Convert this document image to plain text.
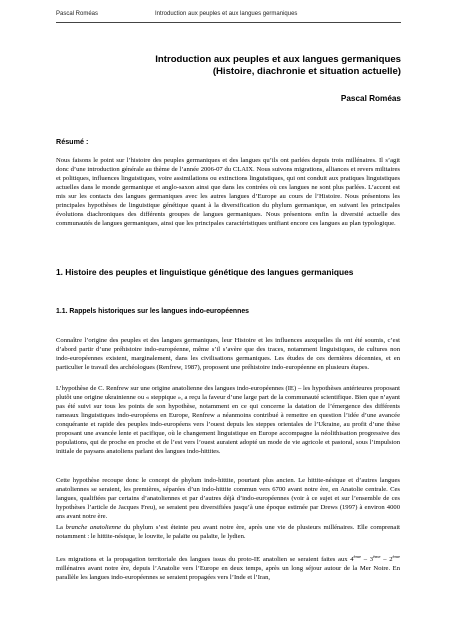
Pascal Roméas	Introduction aux peuples et aux langues germaniques
Introduction aux peuples et aux langues germaniques
(Histoire, diachronie et situation actuelle)
Pascal Roméas
Résumé :
Nous faisons le point sur l’histoire des peuples germaniques et des langues qu’ils ont parlées depuis trois millénaires. Il s’agit donc d’une introduction générale au thème de l’année 2006-07 du CLAIX. Nous suivons migrations, alliances et revers militaires et politiques, influences linguistiques, voire assimilations ou extinctions linguistiques, qui ont conduit aux pratiques linguistiques actuelles dans le monde germanique et anglo-saxon ainsi que dans les contrées où ces langues ne sont plus parlées. L’accent est mis sur les contacts des langues germaniques avec les autres langues d’Europe au cours de l’Histoire. Nous présentons les principales hypothèses de linguistique génétique quant à la diversification du phylum germanique, en suivant les principales évolutions diachroniques des différents groupes de langues germaniques. Nous présentons enfin la diversité actuelle des communautés de langues germaniques, ainsi que les principales caractéristiques unifiant encore ces langues au plan typologique.
1. Histoire des peuples et linguistique génétique des langues germaniques
1.1. Rappels historiques sur les langues indo-européennes
Connaître l’origine des peuples et des langues germaniques, leur Histoire et les influences auxquelles ils ont été soumis, c’est d’abord partir d’une préhistoire indo-européenne, même s’il s’avère que des traces, notamment linguistiques, de cultures non indo-européennes existent, marginalement, dans les civilisations germaniques. Les études de ces dernières décennies, et en particulier le travail des archéologues (Renfrew, 1987), proposent une préhistoire indo-européenne en plusieurs étapes.
L’hypothèse de C. Renfrew sur une origine anatolienne des langues indo-européennes (IE) – les hypothèses antérieures proposant plutôt une origine ukrainienne ou « steppique », a reçu la faveur d’une large part de la communauté scientifique. Bien que n’ayant pas été suivi sur tous les points de son hypothèse, notamment en ce qui concerne la datation de l’émergence des différents rameaux linguistiques indo-européens en Europe, Renfrew a néanmoins contribué à remettre en question l’idée d’une avancée conquérante et rapide des peuples indo-européens vers l’ouest depuis les steppes orientales de l’Ukraine, au profit d’une thèse proposant une avancée lente et pacifique, où le changement linguistique en Europe accompagne la néolithisation progressive des populations, qui de proche en proche et de l’est vers l’ouest auraient adopté un mode de vie agricole et pastoral, sous l’impulsion initiale de paysans anatoliens parlant des langues indo-hittites.
Cette hypothèse recoupe donc le concept de phylum indo-hittite, pourtant plus ancien. Le hittite-nésique et d’autres langues anatoliennes se seraient, les premières, séparées d’un indo-hittite commun vers 6700 avant notre ère, en Anatolie centrale. Ces langues, qualifiées par certains d’anatoliennes et par d’autres déjà d’indo-européennes (voir à ce sujet et sur l’ensemble de ces hypothèses l’article de Jacques Freu), se seraient peu diversifiées jusqu’à une époque estimée par Drews (1997) à environ 4000 ans avant notre ère.
La branche anatolienne du phylum s’est éteinte peu avant notre ère, après une vie de plusieurs millénaires. Elle comprenait notamment : le hittite-nésique, le louvite, le palaïte ou palaïte, le lydien.
Les migrations et la propagation territoriale des langues issus du proto-IE anatolien se seraient faites aux 4ème – 3ème – 2ème millénaires avant notre ère, depuis l’Anatolie vers l’Europe en deux temps, après un long séjour autour de la Mer Noire. En parallèle les langues indo-européennes se seraient propagées vers l’Inde et l’Iran,
